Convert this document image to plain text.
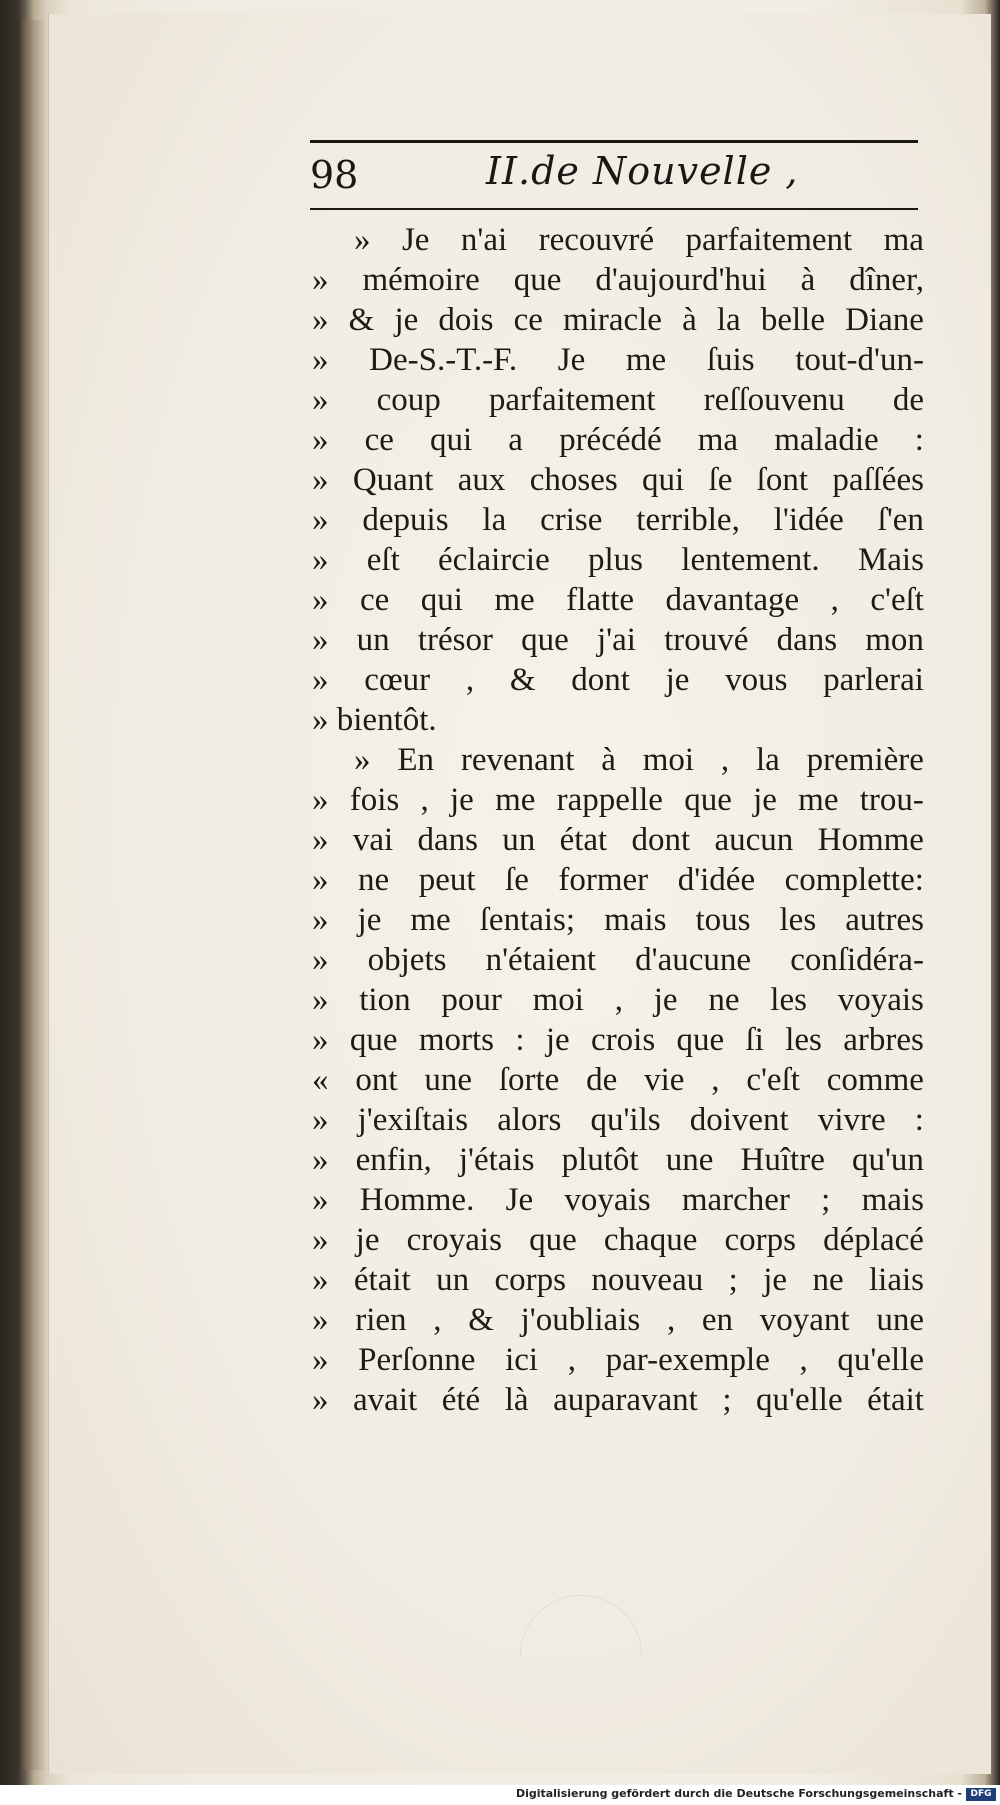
98	II.de Nouvelle ,
» Je n'ai recouvré parfaitement ma
» mémoire que d'aujourd'hui à dîner,
» & je dois ce miracle à la belle Diane
» De-S.-T.-F. Je me ſuis tout-d'un-
» coup parfaitement reſſouvenu de
» ce qui a précédé ma maladie :
» Quant aux choses qui ſe ſont paſſées
» depuis la crise terrible, l'idée ſ'en
» eſt éclaircie plus lentement. Mais
» ce qui me flatte davantage , c'eſt
» un trésor que j'ai trouvé dans mon
» cœur , & dont je vous parlerai
» bientôt.
» En revenant à moi , la première
» fois , je me rappelle que je me trou-
» vai dans un état dont aucun Homme
» ne peut ſe former d'idée complette:
» je me ſentais; mais tous les autres
» objets n'étaient d'aucune conſidéra-
» tion pour moi , je ne les voyais
» que morts : je crois que ſi les arbres
« ont une ſorte de vie , c'eſt comme
» j'exiſtais alors qu'ils doivent vivre :
» enfin, j'étais plutôt une Huître qu'un
» Homme. Je voyais marcher ; mais
» je croyais que chaque corps déplacé
» était un corps nouveau ; je ne liais
» rien , & j'oubliais , en voyant une
» Perſonne ici , par-exemple , qu'elle
» avait été là auparavant ; qu'elle était
Digitalisierung gefördert durch die Deutsche Forschungsgemeinschaft - DFG
